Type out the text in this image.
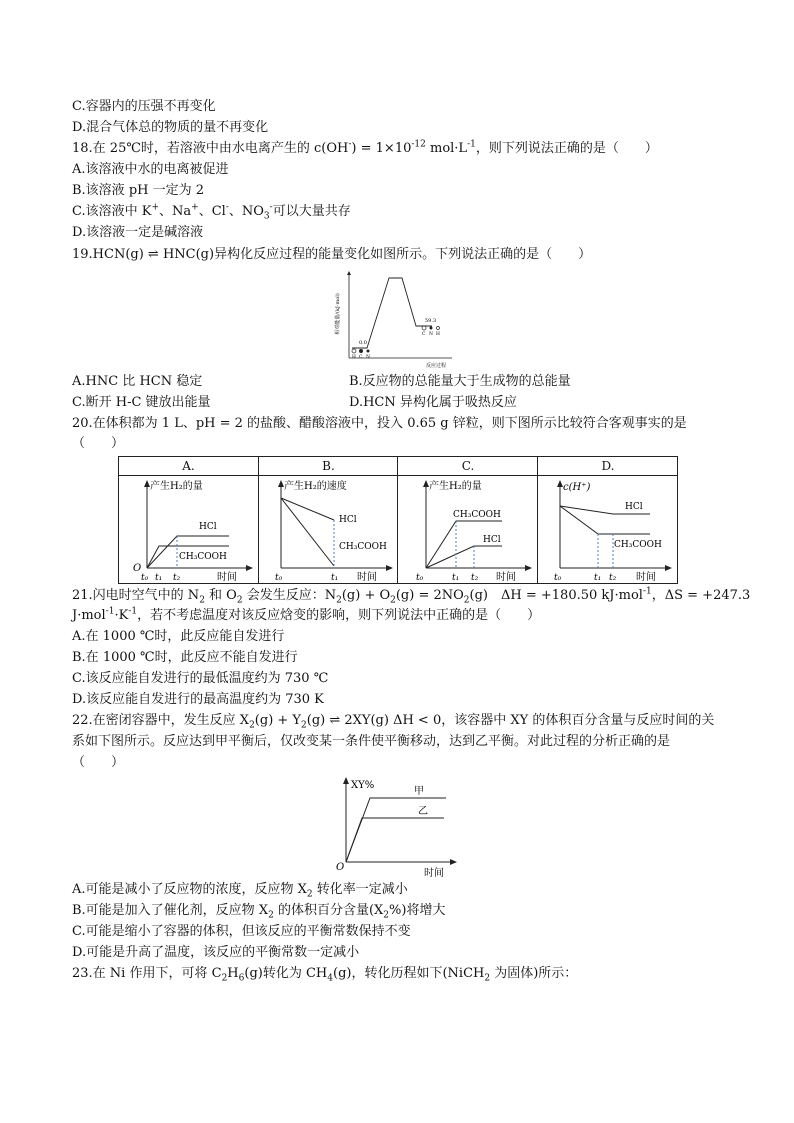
C.容器内的压强不再变化
D.混合气体总的物质的量不再变化
18.在 25℃时，若溶液中由水电离产生的 $c(OH^-) = 1\times 10^{-12}$ $mol\cdot L^{-1}$，则下列说法正确的是（　　）
A.该溶液中水的电离被促进
B.该溶液 pH 一定为 2
C.该溶液中 K+、Na+、Cl-、$NO_3^-$可以大量共存
D.该溶液一定是碱溶液
19.HCN(g) ⇌ HNC(g)异构化反应过程的能量变化如图所示。下列说法正确的是（　　）
相对能量/(kJ·mol)
反应过程
0.0
59.3
H C N
C N H
A.HNC 比 HCN 稳定	B.反应物的总能量大于生成物的总能量
C.断开 H-C 键放出能量	D.HCN 异构化属于吸热反应
20.在体积都为 1 L、pH = 2 的盐酸、醋酸溶液中，投入 0.65 g 锌粒，则下图所示比较符合客观事实的是
（　　）
A.
产生H₂的量
时间
O
t₀ t₁ t₂
HCl
CH₃COOH
B.
产生H₂的速度
时间
t₀	t₁
HCl
CH₃COOH
C.
产生H₂的量
时间
t₀	t₁ t₂
CH₃COOH
HCl
D.
c(H⁺)
时间
t₀	t₁ t₂
HCl
CH₃COOH
21.闪电时空气中的 $N_2$ 和 $O_2$ 会发生反应：$N_2(g) + O_2(g) = 2NO_2(g)$　ΔH = +180.50 kJ·mol$^{-1}$，ΔS = +247.3
$J\cdot mol^{-1}\cdot K^{-1}$，若不考虑温度对该反应焓变的影响，则下列说法中正确的是（　　）
A.在 1000 ℃时，此反应能自发进行
B.在 1000 ℃时，此反应不能自发进行
C.该反应能自发进行的最低温度约为 730 ℃
D.该反应能自发进行的最高温度约为 730 K
22.在密闭容器中，发生反应 $X_2(g) + Y_2(g)$ ⇌ 2XY(g) ΔH < 0，该容器中 XY 的体积百分含量与反应时间的关
系如下图所示。反应达到甲平衡后，仅改变某一条件使平衡移动，达到乙平衡。对此过程的分析正确的是
（　　）
XY%
O
时间
甲
乙
A.可能是减小了反应物的浓度，反应物 $X_2$ 转化率一定减小
B.可能是加入了催化剂，反应物 $X_2$ 的体积百分含量$(X_2\%)$将增大
C.可能是缩小了容器的体积，但该反应的平衡常数保持不变
D.可能是升高了温度，该反应的平衡常数一定减小
23.在 Ni 作用下，可将 $C_2H_6(g)$转化为 $CH_4(g)$，转化历程如下(NiCH$_2$ 为固体)所示：
